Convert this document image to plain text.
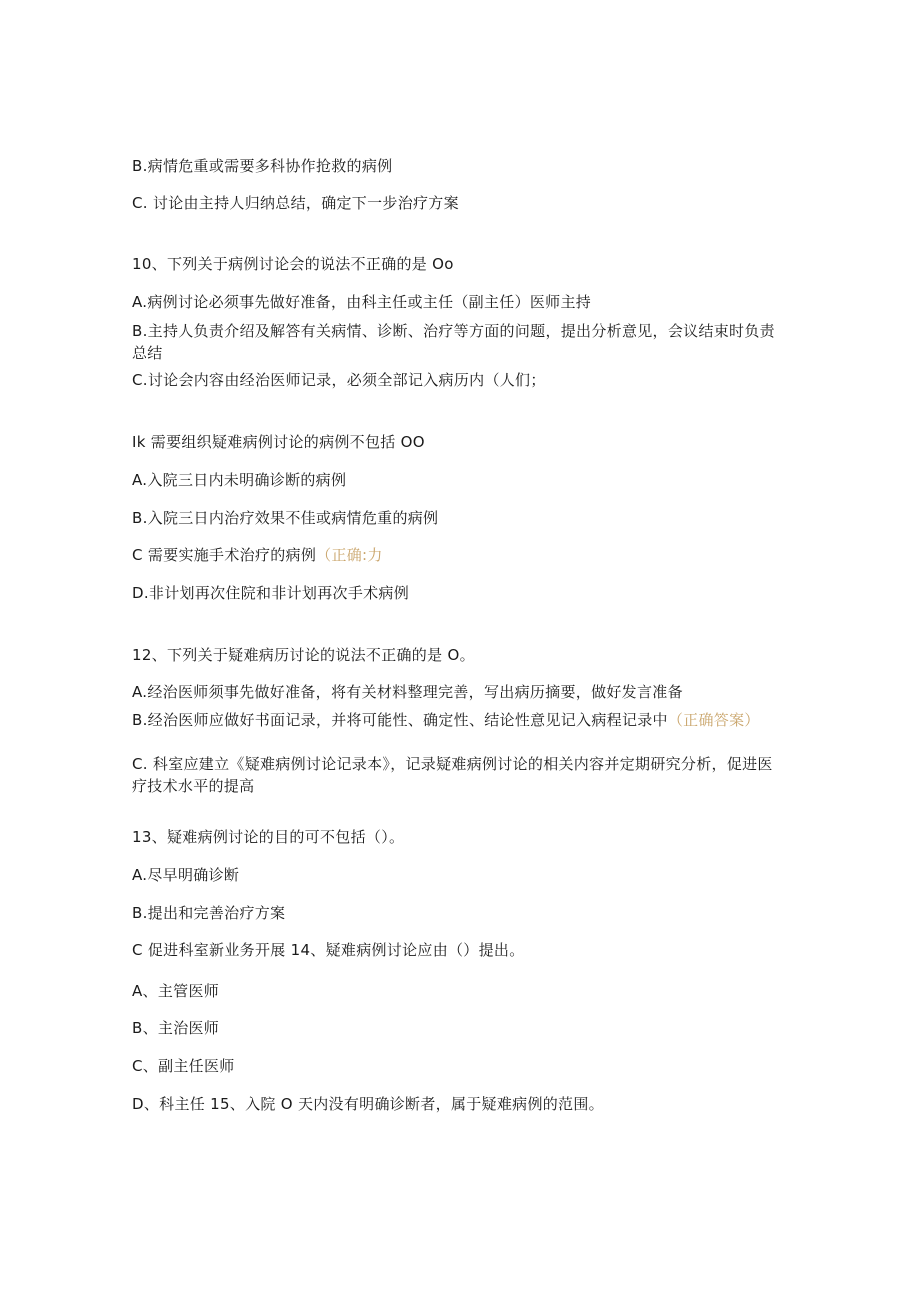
B.病情危重或需要多科协作抢救的病例
C. 讨论由主持人归纳总结，确定下一步治疗方案
10、下列关于病例讨论会的说法不正确的是 Oo
A.病例讨论必须事先做好准备，由科主任或主任（副主任）医师主持
B.主持人负责介绍及解答有关病情、诊断、治疗等方面的问题，提出分析意见，会议结束时负责总结
C.讨论会内容由经治医师记录，必须全部记入病历内（人们；
Ik 需要组织疑难病例讨论的病例不包括 OO
A.入院三日内未明确诊断的病例
B.入院三日内治疗效果不佳或病情危重的病例
C 需要实施手术治疗的病例（正确:力
D.非计划再次住院和非计划再次手术病例
12、下列关于疑难病历讨论的说法不正确的是 O。
A.经治医师须事先做好准备，将有关材料整理完善，写出病历摘要，做好发言准备
B.经治医师应做好书面记录，并将可能性、确定性、结论性意见记入病程记录中（正确答案）
C. 科室应建立《疑难病例讨论记录本》，记录疑难病例讨论的相关内容并定期研究分析，促进医疗技术水平的提高
13、疑难病例讨论的目的可不包括（）。
A.尽早明确诊断
B.提出和完善治疗方案
C 促进科室新业务开展 14、疑难病例讨论应由（）提出。
A、主管医师
B、主治医师
C、副主任医师
D、科主任 15、入院 O 天内没有明确诊断者，属于疑难病例的范围。
